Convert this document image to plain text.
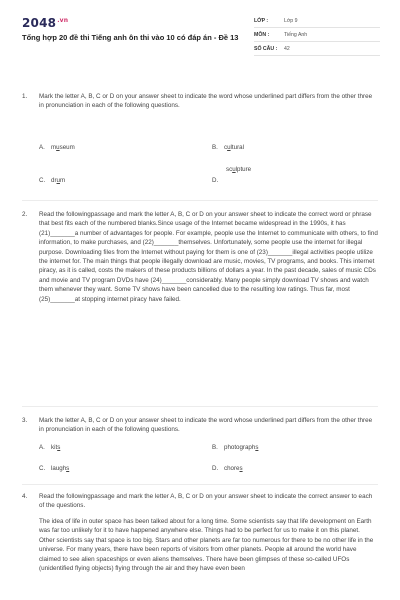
$2048^{.vn}$
Tổng hợp 20 đề thi Tiếng anh ôn thi vào 10 có đáp án - Đề 13
LỚP :	Lớp 9
MÔN :	Tiếng Anh
SỐ CÂU :	42
1.	Mark the letter A, B, C or D on your answer sheet to indicate the word whose underlined part differs from the other three in pronunciation in each of the following questions.
A. museum	B. cultural
C. drum	D.
sculpture
2.	Read the followingpassage and mark the letter A, B, C or D on your answer sheet to indicate the correct word or phrase that best fits each of the numbered blanks.Since usage of the Internet became widespread in the 1990s, it has (21)_______a number of advantages for people. For example, people use the Internet to communicate with others, to find information, to make purchases, and (22)_______themselves. Unfortunately, some people use the internet for illegal purpose. Downloading files from the Internet without paying for them is one of (23)_______illegal activities people utilize the internet for. The main things that people illegally download are music, movies, TV programs, and books. This internet piracy, as it is called, costs the makers of these products billions of dollars a year. In the past decade, sales of music CDs and movie and TV program DVDs have (24)_______considerably. Many people simply download TV shows and watch them whenever they want. Some TV shows have been cancelled due to the resulting low ratings. Thus far, most (25)_______at stopping internet piracy have failed.
3.	Mark the letter A, B, C or D on your answer sheet to indicate the word whose underlined part differs from the other three in pronunciation in each of the following questions.
A. kits	B. photographs
C. laughs	D. chores
4.	Read the followingpassage and mark the letter A, B, C or D on your answer sheet to indicate the correct answer to each of the questions.
The idea of life in outer space has been talked about for a long time. Some scientists say that life development on Earth was far too unlikely for it to have happened anywhere else. Things had to be perfect for us to make it on this planet. Other scientists say that space is too big. Stars and other planets are far too numerous for there to be no other life in the universe. For many years, there have been reports of visitors from other planets. People all around the world have claimed to see alien spaceships or even aliens themselves. There have been glimpses of these so-called UFOs (unidentified flying objects) flying through the air and they have even been
